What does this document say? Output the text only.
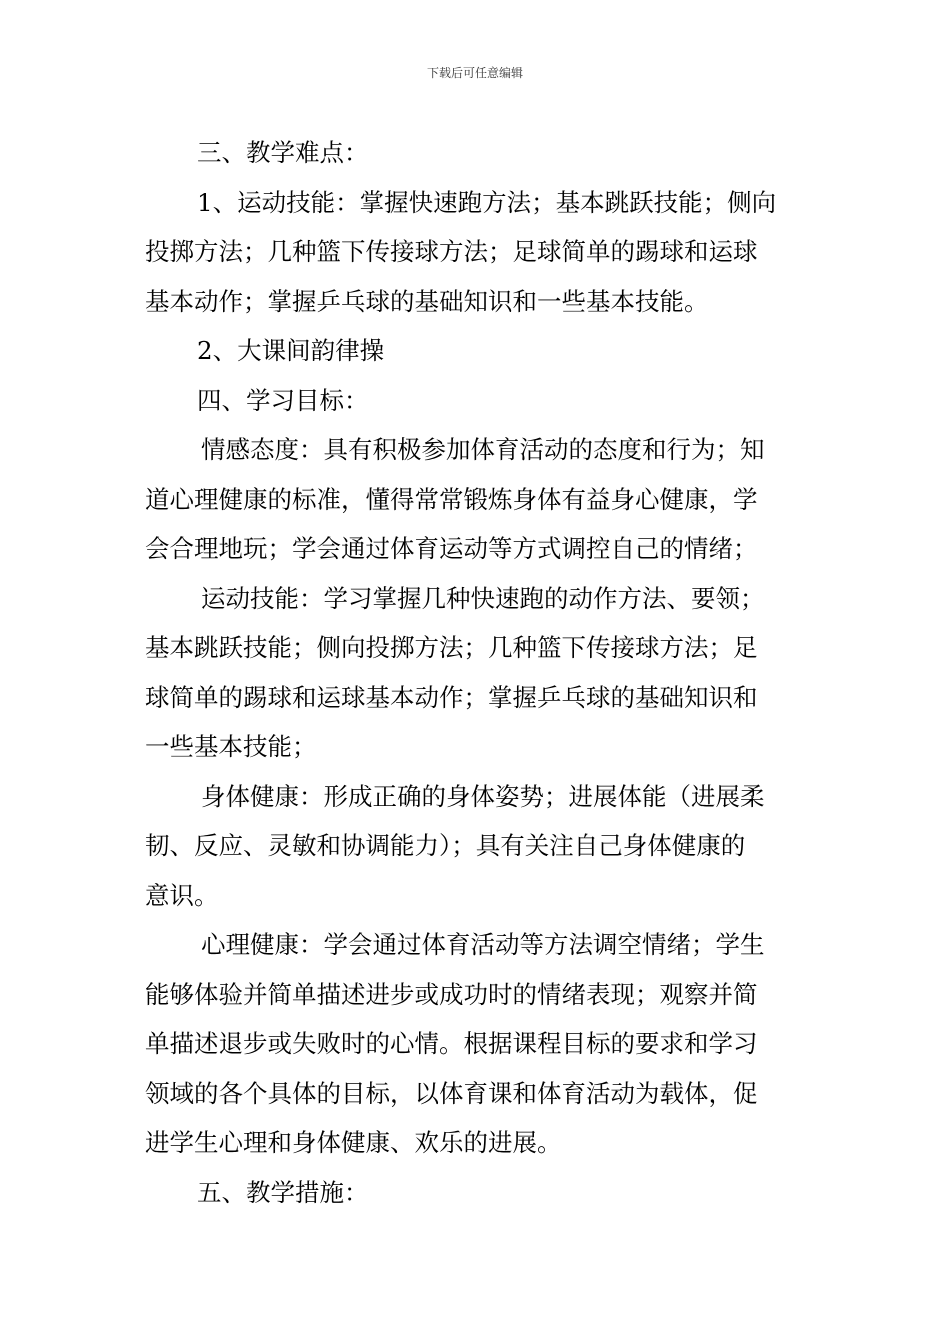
下载后可任意编辑
三、教学难点：
1、运动技能：掌握快速跑方法；基本跳跃技能；侧向
投掷方法；几种篮下传接球方法；足球简单的踢球和运球
基本动作；掌握乒乓球的基础知识和一些基本技能。
2、大课间韵律操
四、学习目标：
情感态度：具有积极参加体育活动的态度和行为；知
道心理健康的标准，懂得常常锻炼身体有益身心健康，学
会合理地玩；学会通过体育运动等方式调控自己的情绪；
运动技能：学习掌握几种快速跑的动作方法、要领；
基本跳跃技能；侧向投掷方法；几种篮下传接球方法；足
球简单的踢球和运球基本动作；掌握乒乓球的基础知识和
一些基本技能；
身体健康：形成正确的身体姿势；进展体能（进展柔
韧、反应、灵敏和协调能力）；具有关注自己身体健康的
意识。
心理健康：学会通过体育活动等方法调空情绪；学生
能够体验并简单描述进步或成功时的情绪表现；观察并简
单描述退步或失败时的心情。根据课程目标的要求和学习
领域的各个具体的目标，以体育课和体育活动为载体，促
进学生心理和身体健康、欢乐的进展。
五、教学措施：
